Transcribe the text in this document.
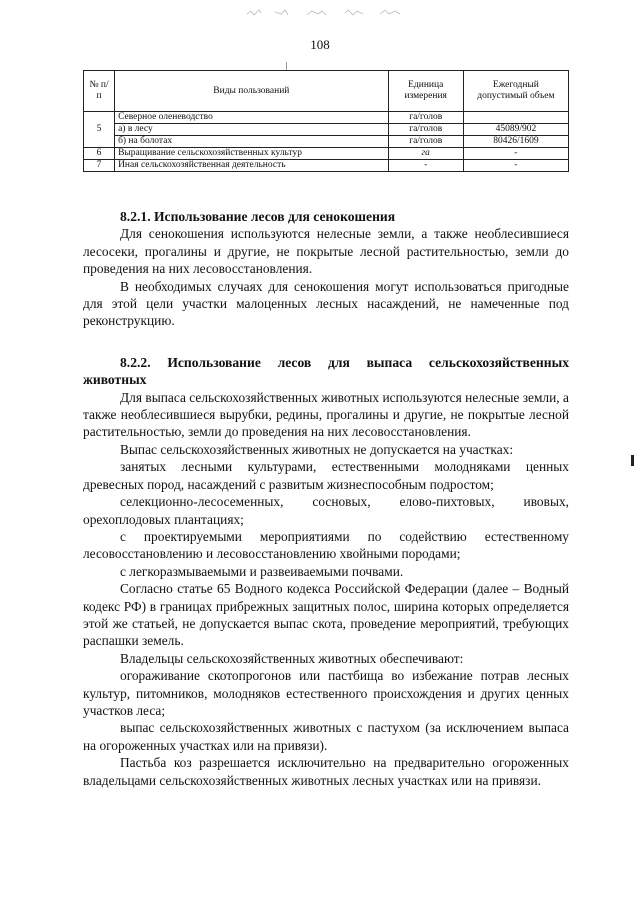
108
№ п/п	Виды пользований	Единица измерения	Ежегодный допустимый объем
5	Северное оленеводство	га/голов	
	а) в лесу	га/голов	45089/902
	б) на болотах	га/голов	80426/1609
6	Выращивание сельскохозяйственных культур	га	-
7	Иная сельскохозяйственная деятельность	-	-
8.2.1. Использование лесов для сенокошения

Для сенокошения используются нелесные земли, а также необлесившиеся лесосеки, прогалины и другие, не покрытые лесной растительностью, земли до проведения на них лесовосстановления.

В необходимых случаях для сенокошения могут использоваться пригодные для этой цели участки малоценных лесных насаждений, не намеченные под реконструкцию.

8.2.2. Использование лесов для выпаса сельскохозяйственных животных

Для выпаса сельскохозяйственных животных используются нелесные земли, а также необлесившиеся вырубки, редины, прогалины и другие, не покрытые лесной растительностью, земли до проведения на них лесовосстановления.

Выпас сельскохозяйственных животных не допускается на участках:

занятых лесными культурами, естественными молодняками ценных древесных пород, насаждений с развитым жизнеспособным подростом;

селекционно-лесосеменных, сосновых, елово-пихтовых, ивовых, орехоплодовых плантациях;

с проектируемыми мероприятиями по содействию естественному лесовосстановлению и лесовосстановлению хвойными породами;

с легкоразмываемыми и развеиваемыми почвами.

Согласно статье 65 Водного кодекса Российской Федерации (далее – Водный кодекс РФ) в границах прибрежных защитных полос, ширина которых определяется этой же статьей, не допускается выпас скота, проведение мероприятий, требующих распашки земель.

Владельцы сельскохозяйственных животных обеспечивают:

огораживание скотопрогонов или пастбища во избежание потрав лесных культур, питомников, молодняков естественного происхождения и других ценных участков леса;

выпас сельскохозяйственных животных с пастухом (за исключением выпаса на огороженных участках или на привязи).

Пастьба коз разрешается исключительно на предварительно огороженных владельцами сельскохозяйственных животных лесных участках или на привязи.
